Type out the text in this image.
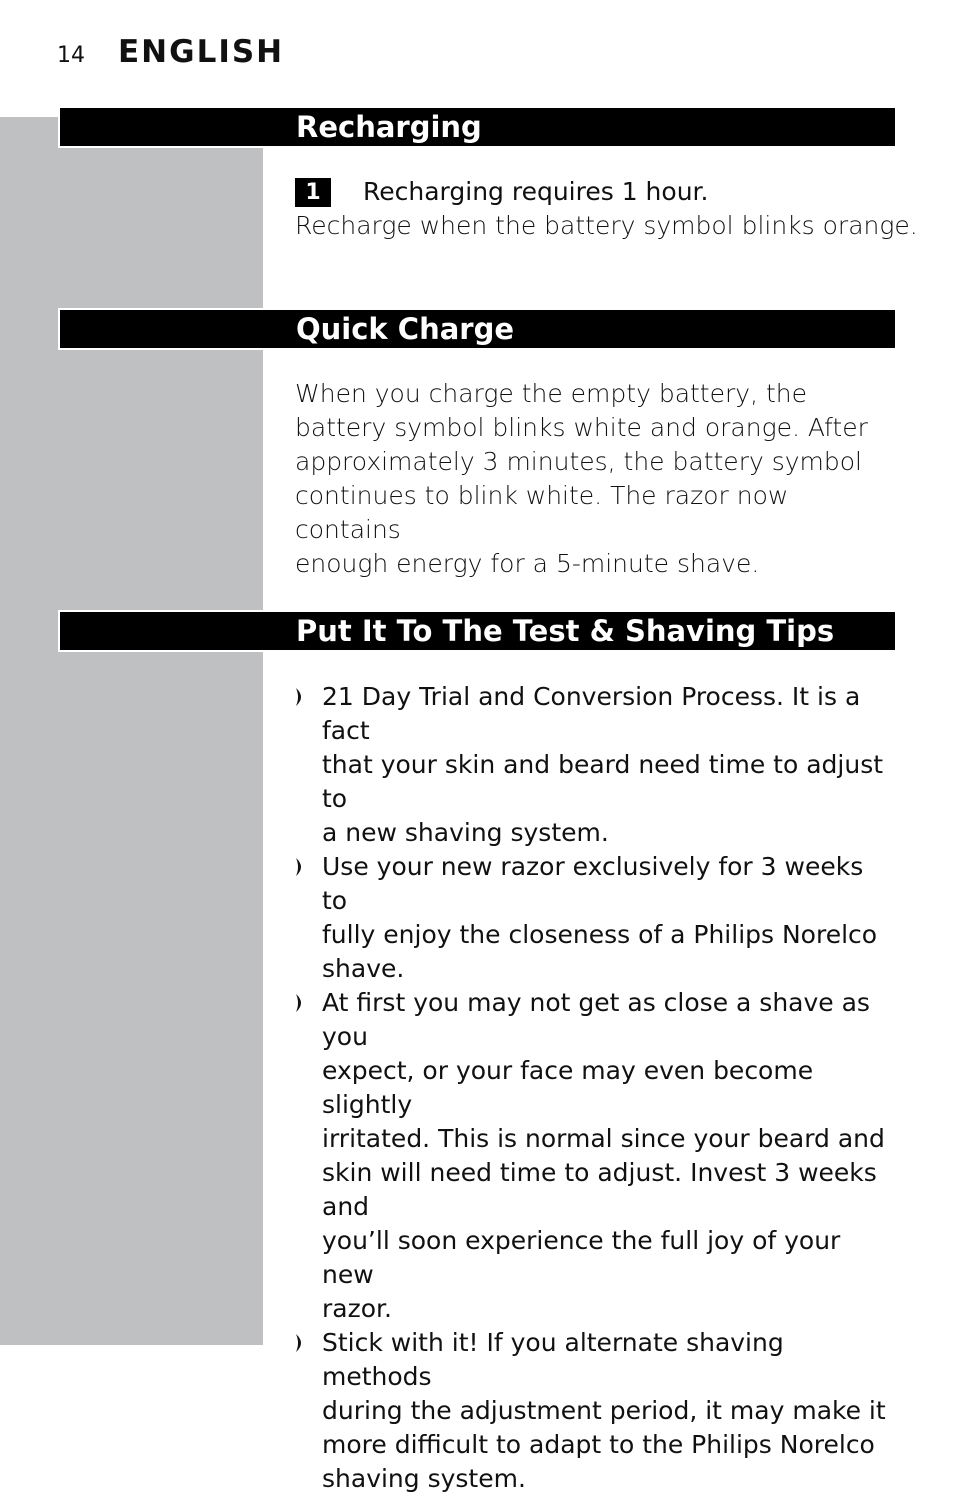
14 ENGLISH
Recharging
1	Recharging requires 1 hour.
Recharge when the battery symbol blinks orange.
Quick Charge

When you charge the empty battery, the
battery symbol blinks white and orange. After
approximately 3 minutes, the battery symbol
continues to blink white. The razor now contains
enough energy for a 5-minute shave.

Put It To The Test & Shaving Tips
21 Day Trial and Conversion Process. It is a fact
that your skin and beard need time to adjust to
a new shaving system.
Use your new razor exclusively for 3 weeks to
fully enjoy the closeness of a Philips Norelco
shave.
At first you may not get as close a shave as you
expect, or your face may even become slightly
irritated. This is normal since your beard and
skin will need time to adjust. Invest 3 weeks and
you’ll soon experience the full joy of your new
razor.
Stick with it! If you alternate shaving methods
during the adjustment period, it may make it
more difficult to adapt to the Philips Norelco
shaving system.
